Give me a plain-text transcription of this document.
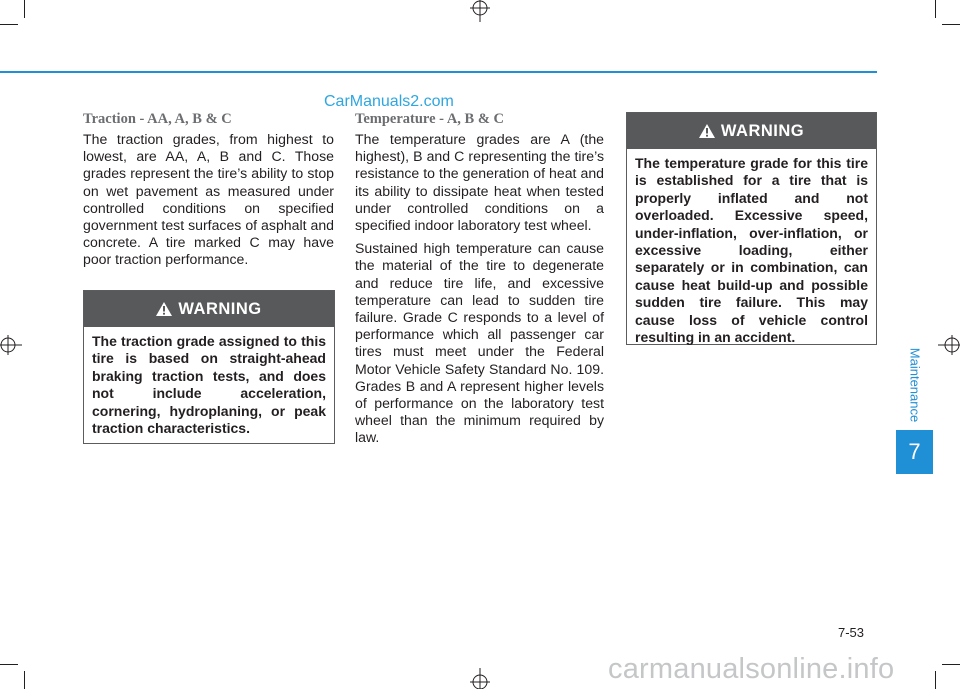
CarManuals2.com
Traction - AA, A, B & C

The traction grades, from highest to lowest, are AA, A, B and C. Those grades represent the tire’s ability to stop on wet pavement as measured under controlled conditions on specified government test surfaces of asphalt and concrete. A tire marked C may have poor traction performance.

WARNING
The traction grade assigned to this tire is based on straight-ahead braking traction tests, and does not include acceleration, cornering, hydroplaning, or peak traction characteristics.
Temperature - A, B & C

The temperature grades are A (the highest), B and C representing the tire’s resistance to the generation of heat and its ability to dissipate heat when tested under controlled conditions on a specified indoor laboratory test wheel.

Sustained high temperature can cause the material of the tire to degenerate and reduce tire life, and excessive temperature can lead to sudden tire failure. Grade C responds to a level of performance which all passenger car tires must meet under the Federal Motor Vehicle Safety Standard No. 109. Grades B and A represent higher levels of performance on the laboratory test wheel than the minimum required by law.

WARNING
The temperature grade for this tire is established for a tire that is properly inflated and not overloaded. Excessive speed, under-inflation, over-inflation, or excessive loading, either separately or in combination, can cause heat build-up and possible sudden tire failure. This may cause loss of vehicle control resulting in an accident.
Maintenance
7
7-53
carmanualsonline.info
